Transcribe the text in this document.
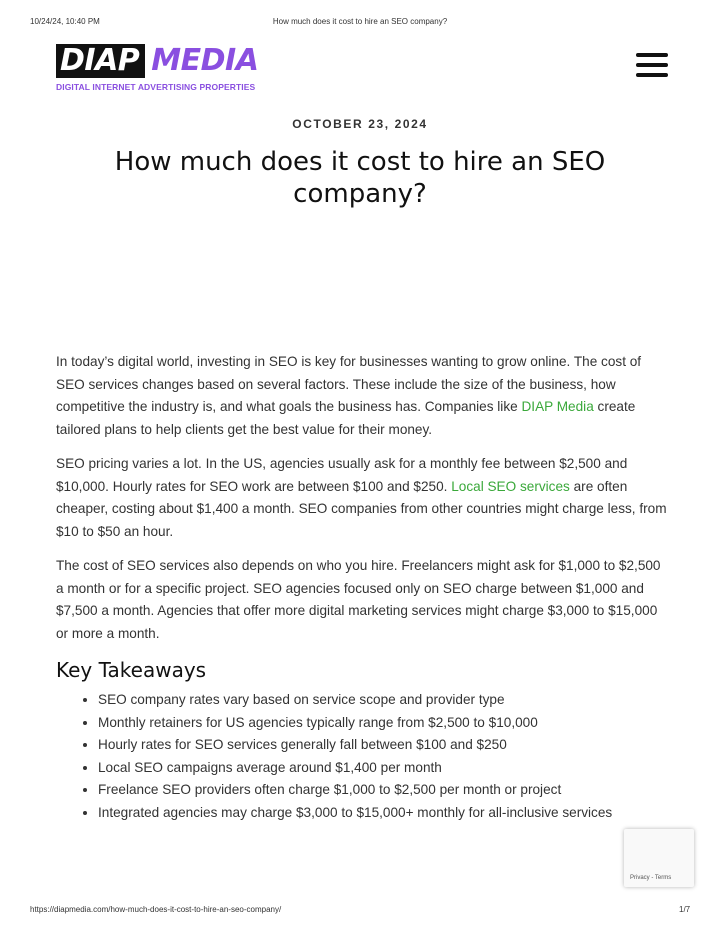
10/24/24, 10:40 PM	How much does it cost to hire an SEO company?
DIAP MEDIA
DIGITAL INTERNET ADVERTISING PROPERTIES
OCTOBER 23, 2024
How much does it cost to hire an SEO company?

In today’s digital world, investing in SEO is key for businesses wanting to grow online. The cost of SEO services changes based on several factors. These include the size of the business, how competitive the industry is, and what goals the business has. Companies like DIAP Media create tailored plans to help clients get the best value for their money.

SEO pricing varies a lot. In the US, agencies usually ask for a monthly fee between $2,500 and $10,000. Hourly rates for SEO work are between $100 and $250. Local SEO services are often cheaper, costing about $1,400 a month. SEO companies from other countries might charge less, from $10 to $50 an hour.

The cost of SEO services also depends on who you hire. Freelancers might ask for $1,000 to $2,500 a month or for a specific project. SEO agencies focused only on SEO charge between $1,000 and $7,500 a month. Agencies that offer more digital marketing services might charge $3,000 to $15,000 or more a month.

Key Takeaways
• SEO company rates vary based on service scope and provider type
• Monthly retainers for US agencies typically range from $2,500 to $10,000
• Hourly rates for SEO services generally fall between $100 and $250
• Local SEO campaigns average around $1,400 per month
• Freelance SEO providers often charge $1,000 to $2,500 per month or project
• Integrated agencies may charge $3,000 to $15,000+ monthly for all-inclusive services
Privacy - Terms
https://diapmedia.com/how-much-does-it-cost-to-hire-an-seo-company/	1/7
